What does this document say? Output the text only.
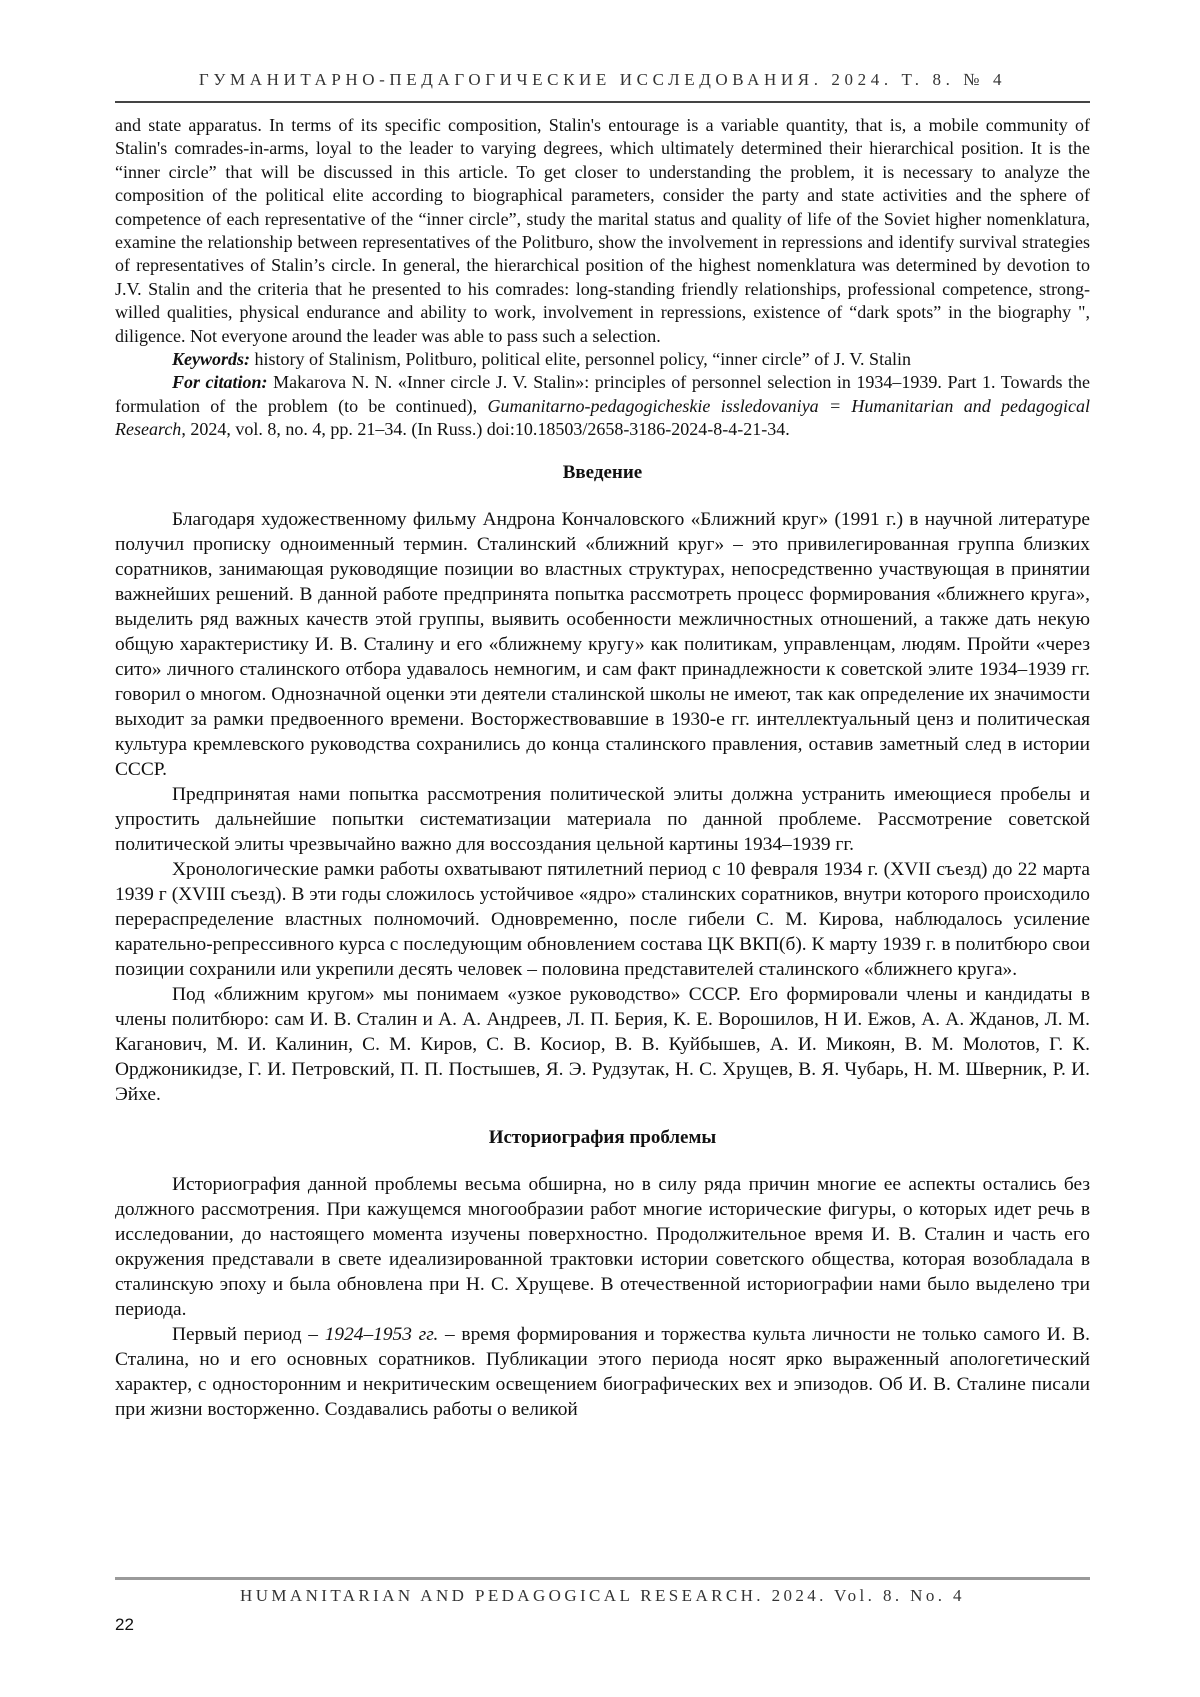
ГУМАНИТАРНО-ПЕДАГОГИЧЕСКИЕ ИССЛЕДОВАНИЯ. 2024. Т. 8. № 4

and state apparatus. In terms of its specific composition, Stalin's entourage is a variable quantity, that is, a mobile community of Stalin's comrades-in-arms, loyal to the leader to varying degrees, which ultimately determined their hierarchical position. It is the “inner circle” that will be discussed in this article. To get closer to understanding the problem, it is necessary to analyze the composition of the political elite according to biographical parameters, consider the party and state activities and the sphere of competence of each representative of the “inner circle”, study the marital status and quality of life of the Soviet higher nomenklatura, examine the relationship between representatives of the Politburo, show the involvement in repressions and identify survival strategies of representatives of Stalin’s circle. In general, the hierarchical position of the highest nomenklatura was determined by devotion to J.V. Stalin and the criteria that he presented to his comrades: long-standing friendly relationships, professional competence, strong-willed qualities, physical endurance and ability to work, involvement in repressions, existence of “dark spots” in the biography ", diligence. Not everyone around the leader was able to pass such a selection.

Keywords: history of Stalinism, Politburo, political elite, personnel policy, “inner circle” of J. V. Stalin

For citation: Makarova N. N. «Inner circle J. V. Stalin»: principles of personnel selection in 1934–1939. Part 1. Towards the formulation of the problem (to be continued), Gumanitarno-pedagogicheskie issledovaniya = Humanitarian and pedagogical Research, 2024, vol. 8, no. 4, pp. 21–34. (In Russ.) doi:10.18503/2658-3186-2024-8-4-21-34.

Введение

Благодаря художественному фильму Андрона Кончаловского «Ближний круг» (1991 г.) в научной литературе получил прописку одноименный термин. Сталинский «ближний круг» – это привилегированная группа близких соратников, занимающая руководящие позиции во властных структурах, непосредственно участвующая в принятии важнейших решений. В данной работе предпринята попытка рассмотреть процесс формирования «ближнего круга», выделить ряд важных качеств этой группы, выявить особенности межличностных отношений, а также дать некую общую характеристику И. В. Сталину и его «ближнему кругу» как политикам, управленцам, людям. Пройти «через сито» личного сталинского отбора удавалось немногим, и сам факт принадлежности к советской элите 1934–1939 гг. говорил о многом. Однозначной оценки эти деятели сталинской школы не имеют, так как определение их значимости выходит за рамки предвоенного времени. Восторжествовавшие в 1930-е гг. интеллектуальный ценз и политическая культура кремлевского руководства сохранились до конца сталинского правления, оставив заметный след в истории СССР.

Предпринятая нами попытка рассмотрения политической элиты должна устранить имеющиеся пробелы и упростить дальнейшие попытки систематизации материала по данной проблеме. Рассмотрение советской политической элиты чрезвычайно важно для воссоздания цельной картины 1934–1939 гг.

Хронологические рамки работы охватывают пятилетний период с 10 февраля 1934 г. (XVII съезд) до 22 марта 1939 г (XVIII съезд). В эти годы сложилось устойчивое «ядро» сталинских соратников, внутри которого происходило перераспределение властных полномочий. Одновременно, после гибели С. М. Кирова, наблюдалось усиление карательно-репрессивного курса с последующим обновлением состава ЦК ВКП(б). К марту 1939 г. в политбюро свои позиции сохранили или укрепили десять человек – половина представителей сталинского «ближнего круга».

Под «ближним кругом» мы понимаем «узкое руководство» СССР. Его формировали члены и кандидаты в члены политбюро: сам И. В. Сталин и А. А. Андреев, Л. П. Берия, К. Е. Ворошилов, Н И. Ежов, А. А. Жданов, Л. М. Каганович, М. И. Калинин, С. М. Киров, С. В. Косиор, В. В. Куйбышев, А. И. Микоян, В. М. Молотов, Г. К. Орджоникидзе, Г. И. Петровский, П. П. Постышев, Я. Э. Рудзутак, Н. С. Хрущев, В. Я. Чубарь, Н. М. Шверник, Р. И. Эйхе.

Историография проблемы

Историография данной проблемы весьма обширна, но в силу ряда причин многие ее аспекты остались без должного рассмотрения. При кажущемся многообразии работ многие исторические фигуры, о которых идет речь в исследовании, до настоящего момента изучены поверхностно. Продолжительное время И. В. Сталин и часть его окружения представали в свете идеализированной трактовки истории советского общества, которая возобладала в сталинскую эпоху и была обновлена при Н. С. Хрущеве. В отечественной историографии нами было выделено три периода.

Первый период – 1924–1953 гг. – время формирования и торжества культа личности не только самого И. В. Сталина, но и его основных соратников. Публикации этого периода носят ярко выраженный апологетический характер, с односторонним и некритическим освещением биографических вех и эпизодов. Об И. В. Сталине писали при жизни восторженно. Создавались работы о великой

HUMANITARIAN AND PEDAGOGICAL RESEARCH. 2024. Vol. 8. No. 4
22
